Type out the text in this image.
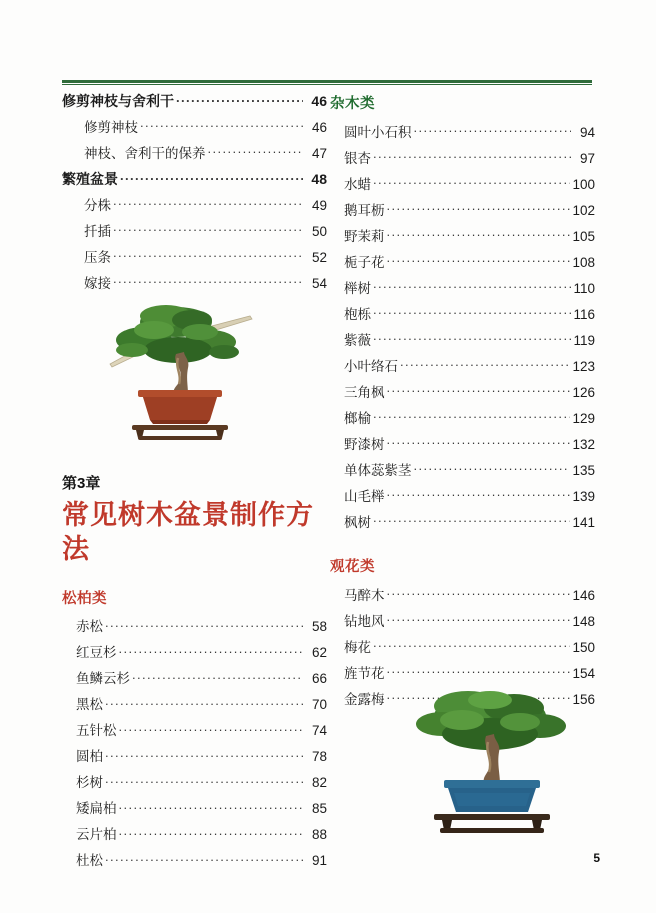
修剪神枝与舍利干 .....	46
修剪神枝 .....	46
神枝、舍利干的保养 .....	47
繁殖盆景 .....	48
分株 .....	49
扦插 .....	50
压条 .....	52
嫁接 .....	54
第3章
常见树木盆景制作方法
松柏类
赤松 .....	58
红豆杉 .....	62
鱼鳞云杉 .....	66
黑松 .....	70
五针松 .....	74
圆柏 .....	78
杉树 .....	82
矮扁柏 .....	85
云片柏 .....	88
杜松 .....	91
杂木类
圆叶小石积 .....	94
银杏 .....	97
水蜡 .....	100
鹅耳枥 .....	102
野茉莉 .....	105
栀子花 .....	108
榉树 .....	110
枹栎 .....	116
紫薇 .....	119
小叶络石 .....	123
三角枫 .....	126
榔榆 .....	129
野漆树 .....	132
单体蕊紫茎 .....	135
山毛榉 .....	139
枫树 .....	141
观花类
马醉木 .....	146
钻地风 .....	148
梅花 .....	150
旌节花 .....	154
金露梅 .....	156
5
